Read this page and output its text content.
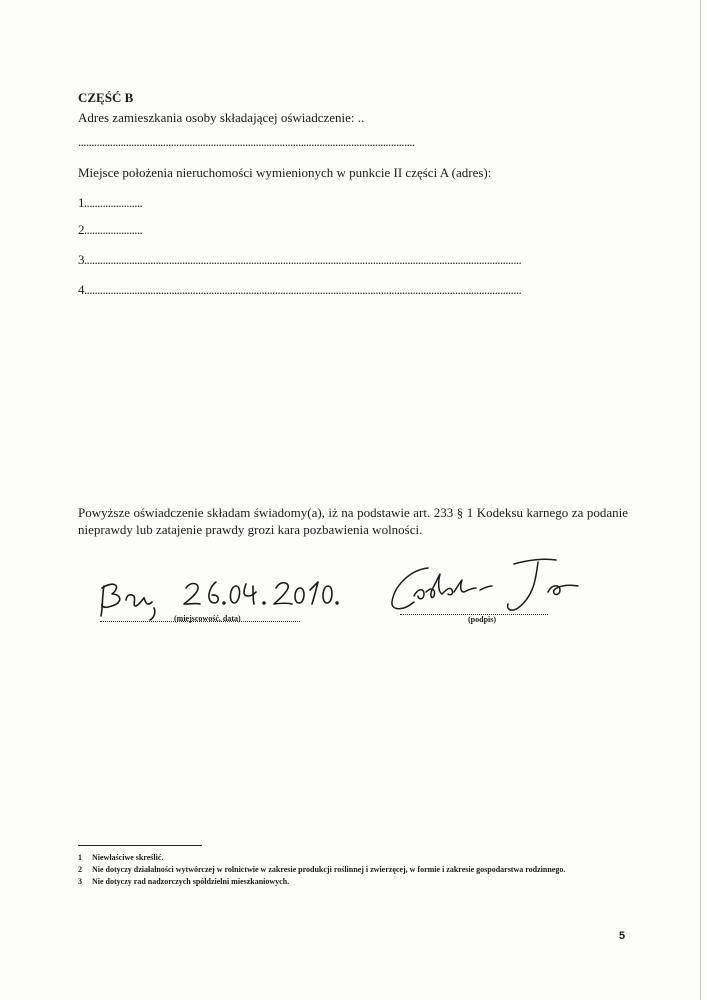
CZĘŚĆ B
Adres zamieszkania osoby składającej oświadczenie: ..
...............................................................................................................................
Miejsce położenia nieruchomości wymienionych w punkcie II części A (adres):
1......................
2......................
3.....................................................................................................................................................................
4.....................................................................................................................................................................
Powyższe oświadczenie składam świadomy(a), iż na podstawie art. 233 § 1 Kodeksu karnego za podanie nieprawdy lub zatajenie prawdy grozi kara pozbawienia wolności.
(miejscowość, data)	(podpis)
1 Niewłaściwe skreślić.
2 Nie dotyczy działalności wytwórczej w rolnictwie w zakresie produkcji roślinnej i zwierzęcej, w formie i zakresie gospodarstwa rodzinnego.
3 Nie dotyczy rad nadzorczych spółdzielni mieszkaniowych.
5
